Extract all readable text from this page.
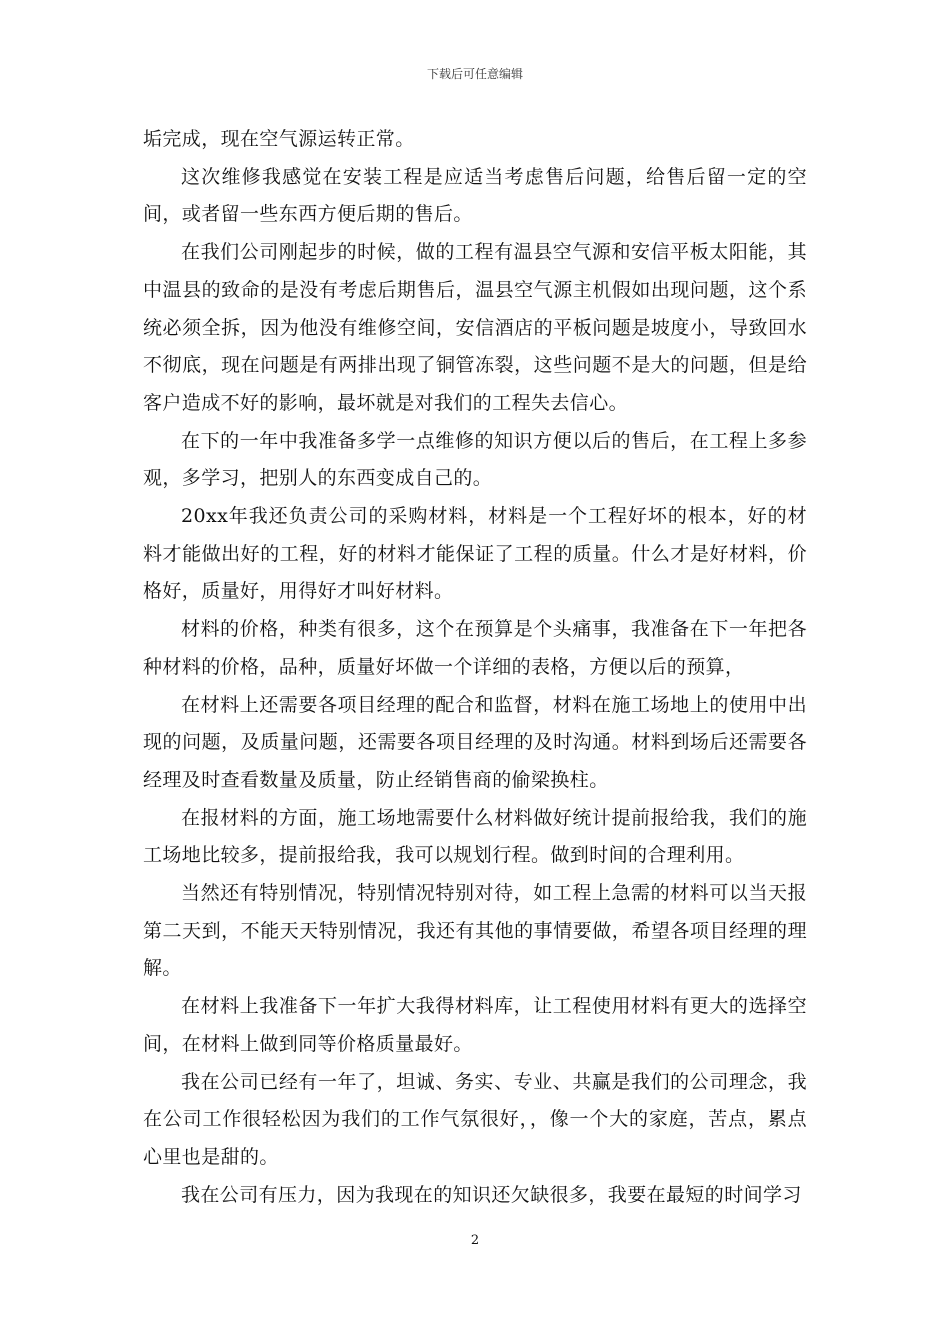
下载后可任意编辑

垢完成，现在空气源运转正常。

这次维修我感觉在安装工程是应适当考虑售后问题，给售后留一定的空间，或者留一些东西方便后期的售后。

在我们公司刚起步的时候，做的工程有温县空气源和安信平板太阳能，其中温县的致命的是没有考虑后期售后，温县空气源主机假如出现问题，这个系统必须全拆，因为他没有维修空间，安信酒店的平板问题是坡度小，导致回水不彻底，现在问题是有两排出现了铜管冻裂，这些问题不是大的问题，但是给客户造成不好的影响，最坏就是对我们的工程失去信心。

在下的一年中我准备多学一点维修的知识方便以后的售后，在工程上多参观，多学习，把别人的东西变成自己的。

20xx年我还负责公司的采购材料，材料是一个工程好坏的根本，好的材料才能做出好的工程，好的材料才能保证了工程的质量。什么才是好材料，价格好，质量好，用得好才叫好材料。

材料的价格，种类有很多，这个在预算是个头痛事，我准备在下一年把各种材料的价格，品种，质量好坏做一个详细的表格，方便以后的预算，

在材料上还需要各项目经理的配合和监督，材料在施工场地上的使用中出现的问题，及质量问题，还需要各项目经理的及时沟通。材料到场后还需要各经理及时查看数量及质量，防止经销售商的偷梁换柱。

在报材料的方面，施工场地需要什么材料做好统计提前报给我，我们的施工场地比较多，提前报给我，我可以规划行程。做到时间的合理利用。

当然还有特别情况，特别情况特别对待，如工程上急需的材料可以当天报第二天到，不能天天特别情况，我还有其他的事情要做，希望各项目经理的理解。

在材料上我准备下一年扩大我得材料库，让工程使用材料有更大的选择空间，在材料上做到同等价格质量最好。

我在公司已经有一年了，坦诚、务实、专业、共赢是我们的公司理念，我在公司工作很轻松因为我们的工作气氛很好，，像一个大的家庭，苦点，累点心里也是甜的。

我在公司有压力，因为我现在的知识还欠缺很多，我要在最短的时间学习

2
